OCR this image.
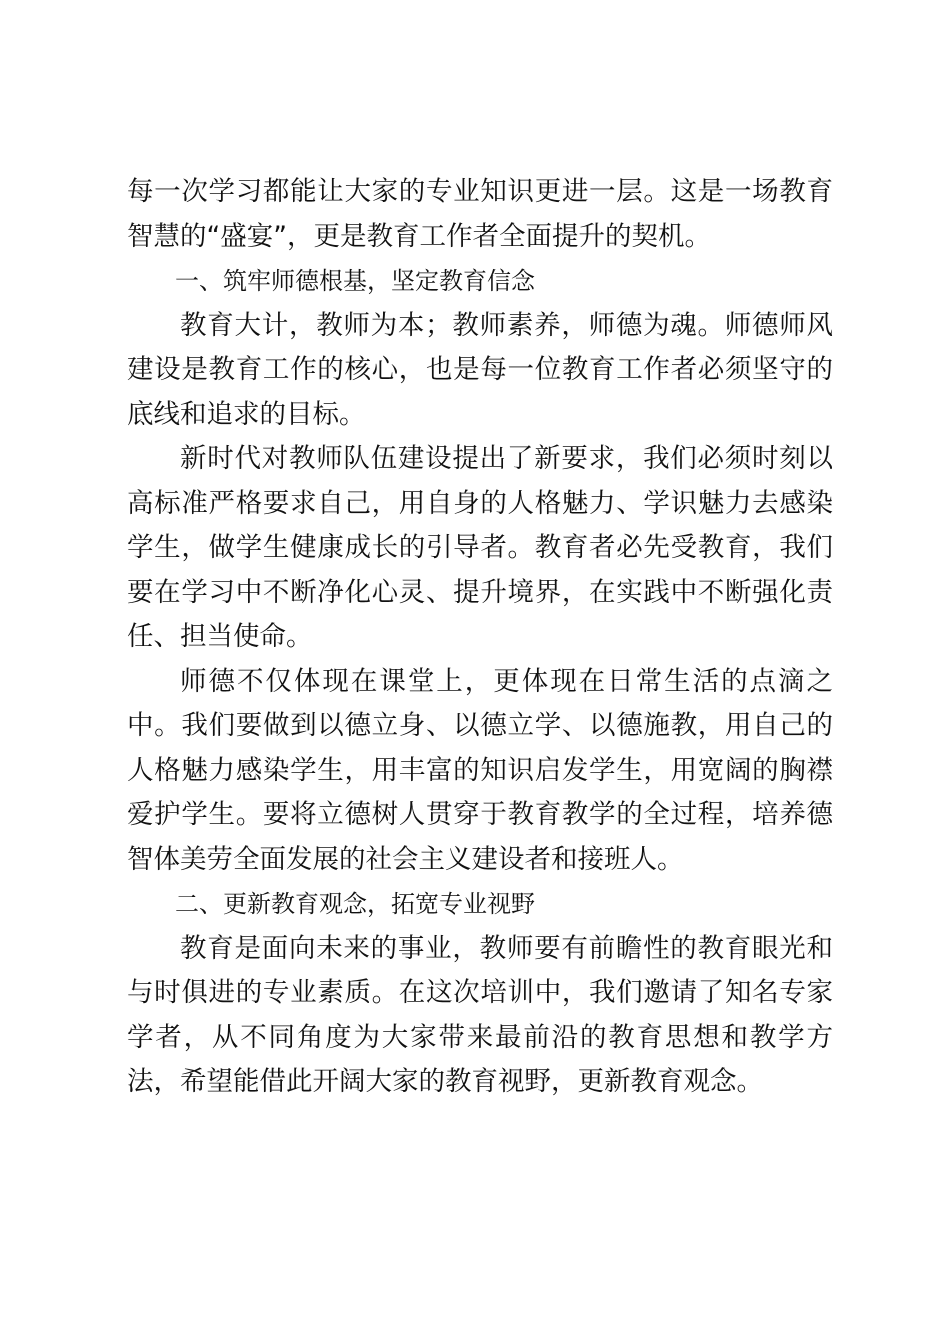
每一次学习都能让大家的专业知识更进一层。这是一场教育智慧的“盛宴”，更是教育工作者全面提升的契机。

一、筑牢师德根基，坚定教育信念

教育大计，教师为本；教师素养，师德为魂。师德师风建设是教育工作的核心，也是每一位教育工作者必须坚守的底线和追求的目标。

新时代对教师队伍建设提出了新要求，我们必须时刻以高标准严格要求自己，用自身的人格魅力、学识魅力去感染学生，做学生健康成长的引导者。教育者必先受教育，我们要在学习中不断净化心灵、提升境界，在实践中不断强化责任、担当使命。

师德不仅体现在课堂上，更体现在日常生活的点滴之中。我们要做到以德立身、以德立学、以德施教，用自己的人格魅力感染学生，用丰富的知识启发学生，用宽阔的胸襟爱护学生。要将立德树人贯穿于教育教学的全过程，培养德智体美劳全面发展的社会主义建设者和接班人。

二、更新教育观念，拓宽专业视野

教育是面向未来的事业，教师要有前瞻性的教育眼光和与时俱进的专业素质。在这次培训中，我们邀请了知名专家学者，从不同角度为大家带来最前沿的教育思想和教学方法，希望能借此开阔大家的教育视野，更新教育观念。
